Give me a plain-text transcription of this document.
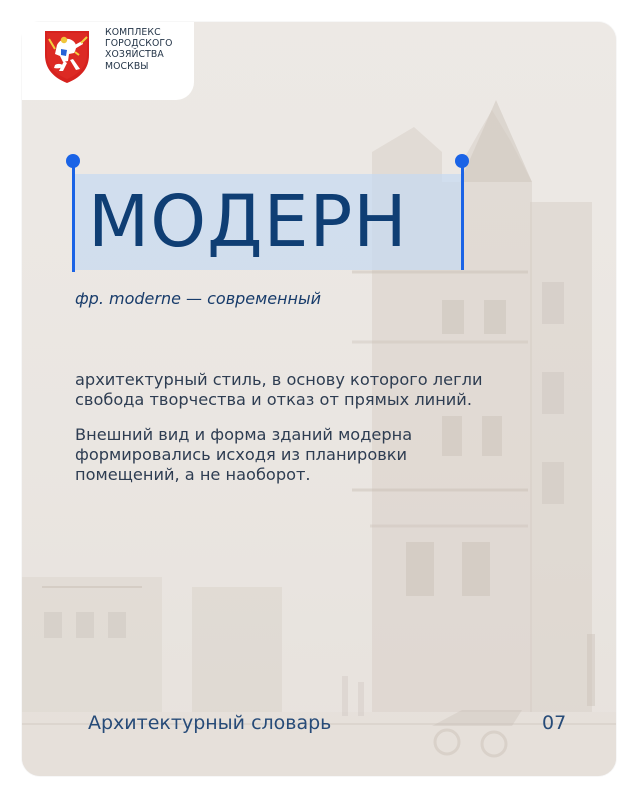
КОМПЛЕКС
ГОРОДСКОГО
ХОЗЯЙСТВА
МОСКВЫ
МОДЕРН
фр. moderne — современный

архитектурный стиль, в основу которого легли
свобода творчества и отказ от прямых линий.

Внешний вид и форма зданий модерна
формировались исходя из планировки
помещений, а не наоборот.

Архитектурный словарь	07
